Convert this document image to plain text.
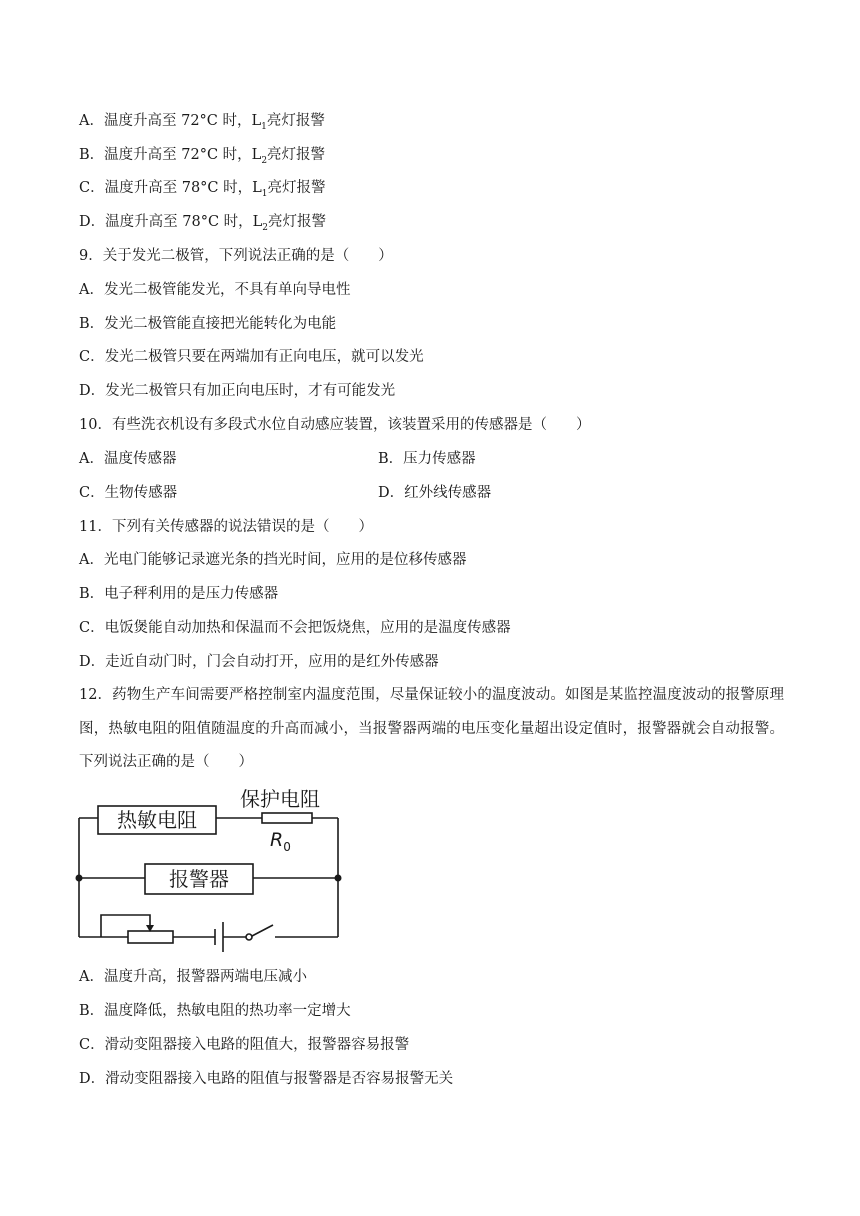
A．温度升高至 72°C 时，$L_1$亮灯报警
B．温度升高至 72°C 时，$L_2$亮灯报警
C．温度升高至 78°C 时，$L_1$亮灯报警
D．温度升高至 78°C 时，$L_2$亮灯报警
9．关于发光二极管，下列说法正确的是（　　）
A．发光二极管能发光，不具有单向导电性
B．发光二极管能直接把光能转化为电能
C．发光二极管只要在两端加有正向电压，就可以发光
D．发光二极管只有加正向电压时，才有可能发光
10．有些洗衣机设有多段式水位自动感应装置，该装置采用的传感器是（　　）
A．温度传感器	B．压力传感器
C．生物传感器	D．红外线传感器
11．下列有关传感器的说法错误的是（　　）
A．光电门能够记录遮光条的挡光时间，应用的是位移传感器
B．电子秤利用的是压力传感器
C．电饭煲能自动加热和保温而不会把饭烧焦，应用的是温度传感器
D．走近自动门时，门会自动打开，应用的是红外传感器
12．药物生产车间需要严格控制室内温度范围，尽量保证较小的温度波动。如图是某监控温度波动的报警原理图，热敏电阻的阻值随温度的升高而减小，当报警器两端的电压变化量超出设定值时，报警器就会自动报警。下列说法正确的是（　　）
热敏电阻
保护电阻
$R_0$
报警器
A．温度升高，报警器两端电压减小
B．温度降低，热敏电阻的热功率一定增大
C．滑动变阻器接入电路的阻值大，报警器容易报警
D．滑动变阻器接入电路的阻值与报警器是否容易报警无关
